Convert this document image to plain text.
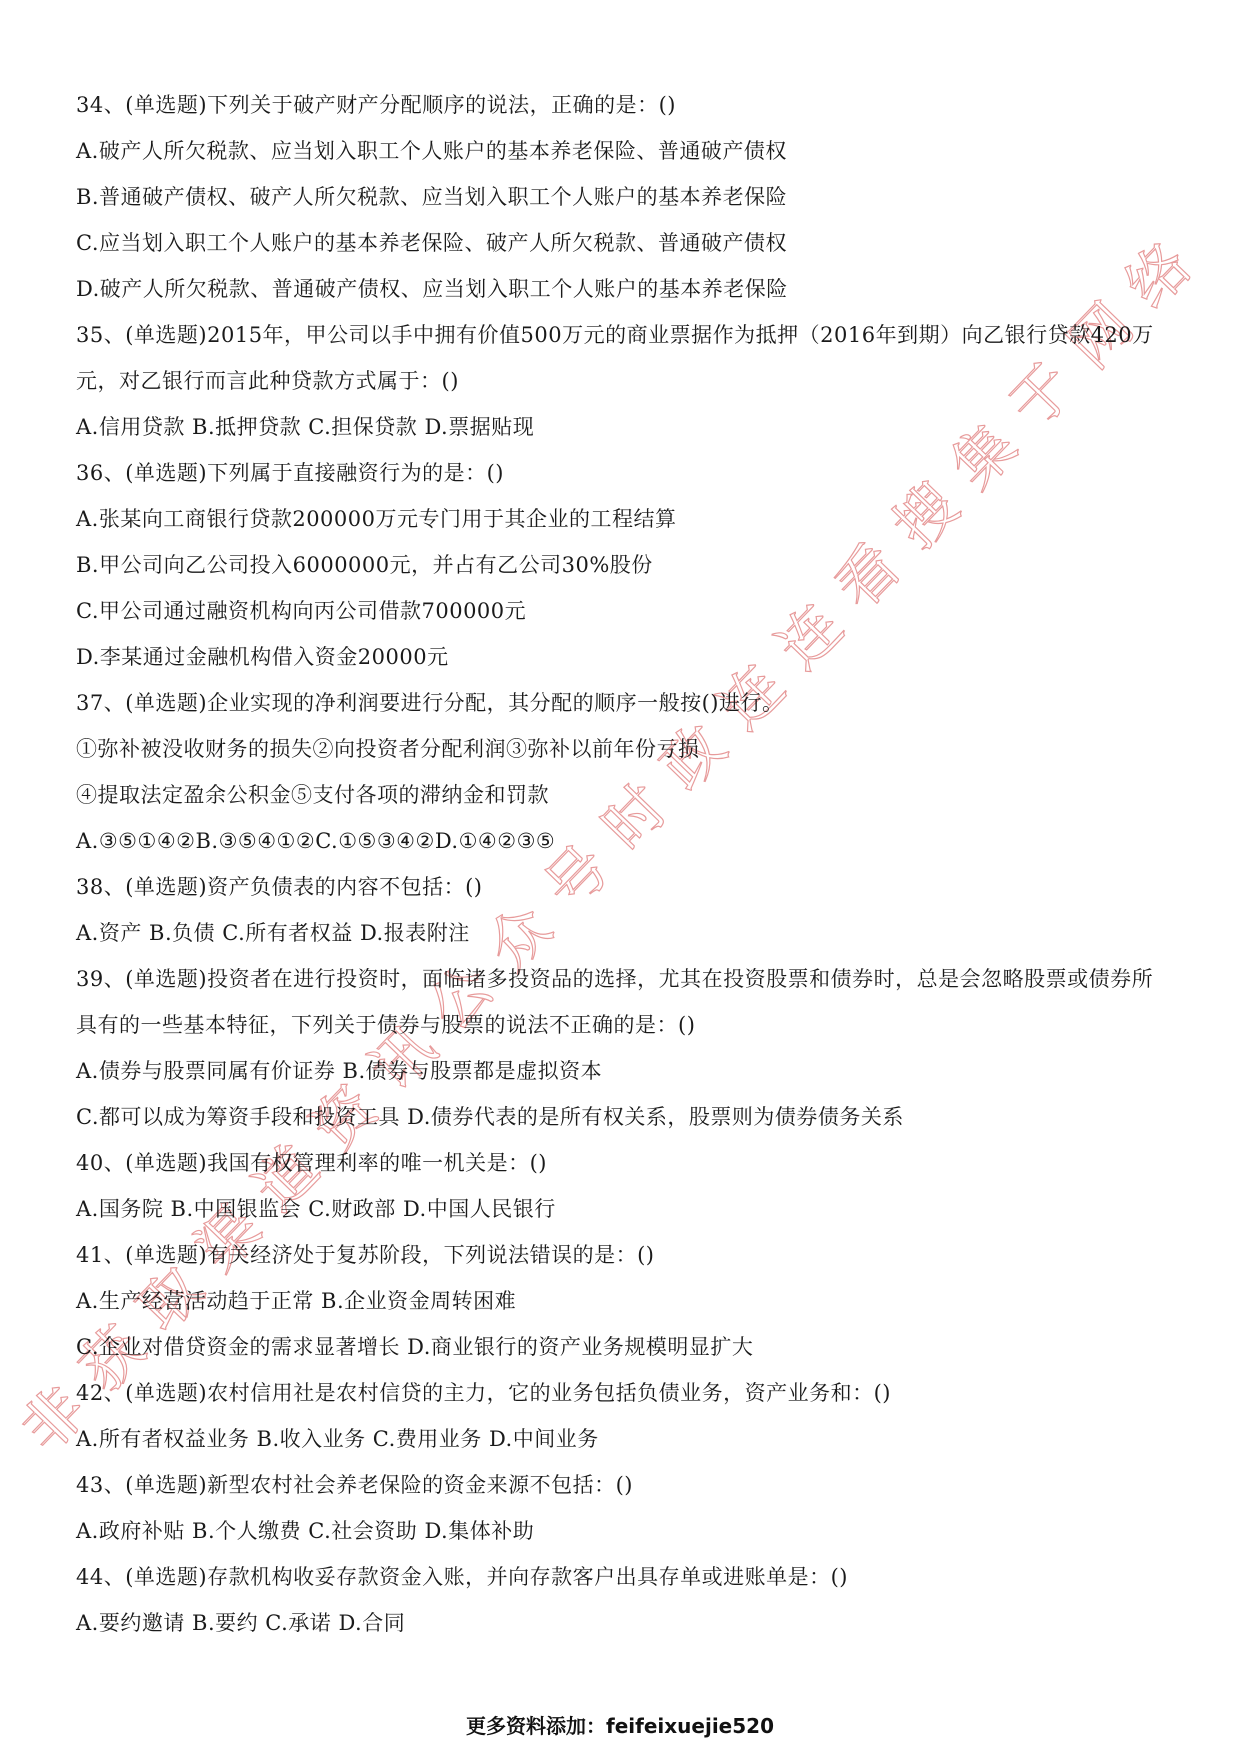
非获取渠道资讯公众号时政连连看搜集于网络
34、(单选题)下列关于破产财产分配顺序的说法，正确的是：()
A.破产人所欠税款、应当划入职工个人账户的基本养老保险、普通破产债权
B.普通破产债权、破产人所欠税款、应当划入职工个人账户的基本养老保险
C.应当划入职工个人账户的基本养老保险、破产人所欠税款、普通破产债权
D.破产人所欠税款、普通破产债权、应当划入职工个人账户的基本养老保险
35、(单选题)2015年，甲公司以手中拥有价值500万元的商业票据作为抵押（2016年到期）向乙银行贷款420万
元，对乙银行而言此种贷款方式属于：()
A.信用贷款 B.抵押贷款 C.担保贷款 D.票据贴现
36、(单选题)下列属于直接融资行为的是：()
A.张某向工商银行贷款200000万元专门用于其企业的工程结算
B.甲公司向乙公司投入6000000元，并占有乙公司30%股份
C.甲公司通过融资机构向丙公司借款700000元
D.李某通过金融机构借入资金20000元
37、(单选题)企业实现的净利润要进行分配，其分配的顺序一般按()进行。
①弥补被没收财务的损失②向投资者分配利润③弥补以前年份亏损
④提取法定盈余公积金⑤支付各项的滞纳金和罚款
A.③⑤①④②B.③⑤④①②C.①⑤③④②D.①④②③⑤
38、(单选题)资产负债表的内容不包括：()
A.资产 B.负债 C.所有者权益 D.报表附注
39、(单选题)投资者在进行投资时，面临诸多投资品的选择，尤其在投资股票和债券时，总是会忽略股票或债券所
具有的一些基本特征，下列关于债券与股票的说法不正确的是：()
A.债券与股票同属有价证券 B.债券与股票都是虚拟资本
C.都可以成为筹资手段和投资工具 D.债券代表的是所有权关系，股票则为债券债务关系
40、(单选题)我国有权管理利率的唯一机关是：()
A.国务院 B.中国银监会 C.财政部 D.中国人民银行
41、(单选题)有关经济处于复苏阶段，下列说法错误的是：()
A.生产经营活动趋于正常 B.企业资金周转困难
C.企业对借贷资金的需求显著增长 D.商业银行的资产业务规模明显扩大
42、(单选题)农村信用社是农村信贷的主力，它的业务包括负债业务，资产业务和：()
A.所有者权益业务 B.收入业务 C.费用业务 D.中间业务
43、(单选题)新型农村社会养老保险的资金来源不包括：()
A.政府补贴 B.个人缴费 C.社会资助 D.集体补助
44、(单选题)存款机构收妥存款资金入账，并向存款客户出具存单或进账单是：()
A.要约邀请 B.要约 C.承诺 D.合同
更多资料添加：feifeixuejie520
